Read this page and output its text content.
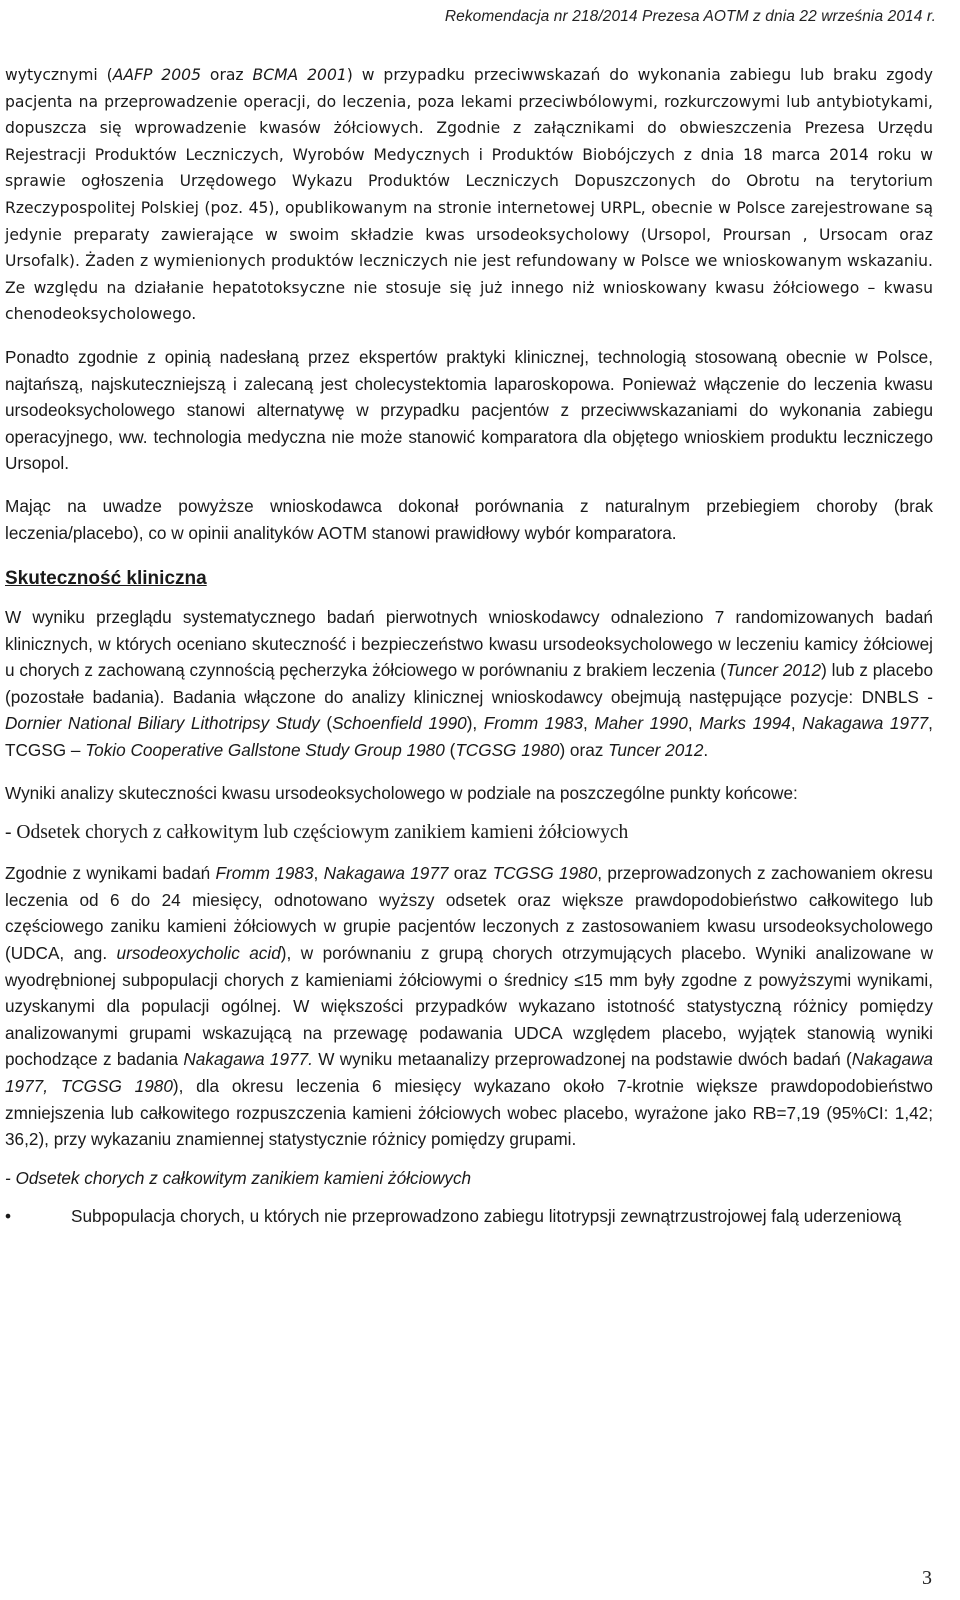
Rekomendacja nr 218/2014 Prezesa AOTM z dnia 22 września 2014 r.

wytycznymi (AAFP 2005 oraz BCMA 2001) w przypadku przeciwwskazań do wykonania zabiegu lub braku zgody pacjenta na przeprowadzenie operacji, do leczenia, poza lekami przeciwbólowymi, rozkurczowymi lub antybiotykami, dopuszcza się wprowadzenie kwasów żółciowych. Zgodnie z załącznikami do obwieszczenia Prezesa Urzędu Rejestracji Produktów Leczniczych, Wyrobów Medycznych i Produktów Biobójczych z dnia 18 marca 2014 roku w sprawie ogłoszenia Urzędowego Wykazu Produktów Leczniczych Dopuszczonych do Obrotu na terytorium Rzeczypospolitej Polskiej (poz. 45), opublikowanym na stronie internetowej URPL, obecnie w Polsce zarejestrowane są jedynie preparaty zawierające w swoim składzie kwas ursodeoksycholowy (Ursopol, Proursan , Ursocam oraz Ursofalk). Żaden z wymienionych produktów leczniczych nie jest refundowany w Polsce we wnioskowanym wskazaniu. Ze względu na działanie hepatotoksyczne nie stosuje się już innego niż wnioskowany kwasu żółciowego – kwasu chenodeoksycholowego.

Ponadto zgodnie z opinią nadesłaną przez ekspertów praktyki klinicznej, technologią stosowaną obecnie w Polsce, najtańszą, najskuteczniejszą i zalecaną jest cholecystektomia laparoskopowa. Ponieważ włączenie do leczenia kwasu ursodeoksycholowego stanowi alternatywę w przypadku pacjentów z przeciwwskazaniami do wykonania zabiegu operacyjnego, ww. technologia medyczna nie może stanowić komparatora dla objętego wnioskiem produktu leczniczego Ursopol.

Mając na uwadze powyższe wnioskodawca dokonał porównania z naturalnym przebiegiem choroby (brak leczenia/placebo), co w opinii analityków AOTM stanowi prawidłowy wybór komparatora.

Skuteczność kliniczna

W wyniku przeglądu systematycznego badań pierwotnych wnioskodawcy odnaleziono 7 randomizowanych badań klinicznych, w których oceniano skuteczność i bezpieczeństwo kwasu ursodeoksycholowego w leczeniu kamicy żółciowej u chorych z zachowaną czynnością pęcherzyka żółciowego w porównaniu z brakiem leczenia (Tuncer 2012) lub z placebo (pozostałe badania). Badania włączone do analizy klinicznej wnioskodawcy obejmują następujące pozycje: DNBLS - Dornier National Biliary Lithotripsy Study (Schoenfield 1990), Fromm 1983, Maher 1990, Marks 1994, Nakagawa 1977, TCGSG – Tokio Cooperative Gallstone Study Group 1980 (TCGSG 1980) oraz Tuncer 2012.

Wyniki analizy skuteczności kwasu ursodeoksycholowego w podziale na poszczególne punkty końcowe:

- Odsetek chorych z całkowitym lub częściowym zanikiem kamieni żółciowych

Zgodnie z wynikami badań Fromm 1983, Nakagawa 1977 oraz TCGSG 1980, przeprowadzonych z zachowaniem okresu leczenia od 6 do 24 miesięcy, odnotowano wyższy odsetek oraz większe prawdopodobieństwo całkowitego lub częściowego zaniku kamieni żółciowych w grupie pacjentów leczonych z zastosowaniem kwasu ursodeoksycholowego (UDCA, ang. ursodeoxycholic acid), w porównaniu z grupą chorych otrzymujących placebo. Wyniki analizowane w wyodrębnionej subpopulacji chorych z kamieniami żółciowymi o średnicy ≤15 mm były zgodne z powyższymi wynikami, uzyskanymi dla populacji ogólnej. W większości przypadków wykazano istotność statystyczną różnicy pomiędzy analizowanymi grupami wskazującą na przewagę podawania UDCA względem placebo, wyjątek stanowią wyniki pochodzące z badania Nakagawa 1977. W wyniku metaanalizy przeprowadzonej na podstawie dwóch badań (Nakagawa 1977, TCGSG 1980), dla okresu leczenia 6 miesięcy wykazano około 7-krotnie większe prawdopodobieństwo zmniejszenia lub całkowitego rozpuszczenia kamieni żółciowych wobec placebo, wyrażone jako RB=7,19 (95%CI: 1,42; 36,2), przy wykazaniu znamiennej statystycznie różnicy pomiędzy grupami.

- Odsetek chorych z całkowitym zanikiem kamieni żółciowych

•	Subpopulacja chorych, u których nie przeprowadzono zabiegu litotrypsji zewnątrzustrojowej falą uderzeniową

3
